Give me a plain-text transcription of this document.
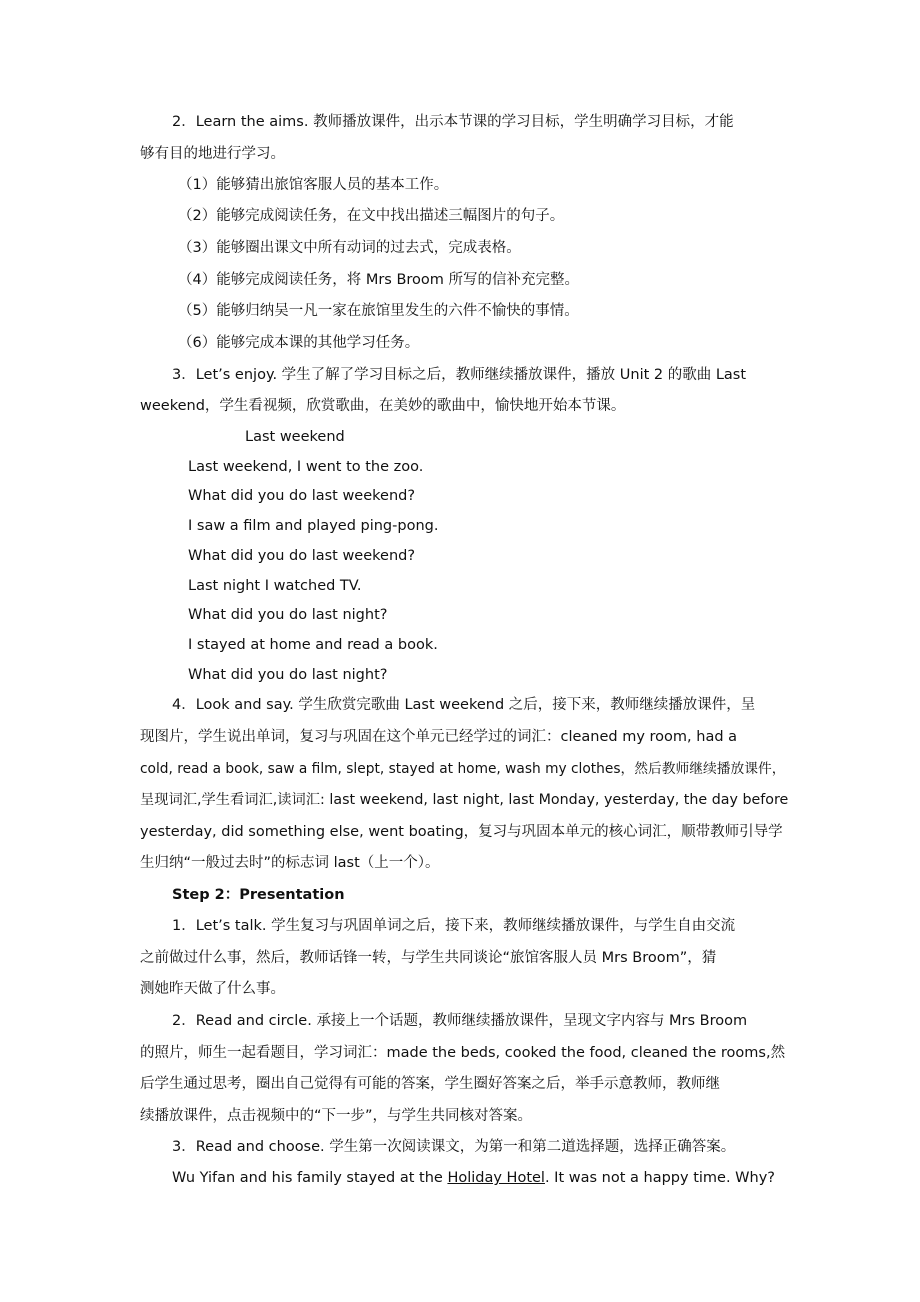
2．Learn the aims. 教师播放课件，出示本节课的学习目标，学生明确学习目标，才能
够有目的地进行学习。
（1）能够猜出旅馆客服人员的基本工作。
（2）能够完成阅读任务，在文中找出描述三幅图片的句子。
（3）能够圈出课文中所有动词的过去式，完成表格。
（4）能够完成阅读任务，将 Mrs Broom 所写的信补充完整。
（5）能够归纳吴一凡一家在旅馆里发生的六件不愉快的事情。
（6）能够完成本课的其他学习任务。
3．Let’s enjoy. 学生了解了学习目标之后，教师继续播放课件，播放 Unit 2 的歌曲 Last
weekend，学生看视频，欣赏歌曲，在美妙的歌曲中，愉快地开始本节课。
Last weekend
Last weekend, I went to the zoo.
What did you do last weekend?
I saw a film and played ping-pong.
What did you do last weekend?
Last night I watched TV.
What did you do last night?
I stayed at home and read a book.
What did you do last night?
4．Look and say. 学生欣赏完歌曲 Last weekend 之后，接下来，教师继续播放课件，呈
现图片，学生说出单词，复习与巩固在这个单元已经学过的词汇：cleaned my room, had a
cold, read a book, saw a film, slept, stayed at home, wash my clothes，然后教师继续播放课件，
呈现词汇,学生看词汇,读词汇: last weekend, last night, last Monday, yesterday, the day before
yesterday, did something else, went boating，复习与巩固本单元的核心词汇，顺带教师引导学
生归纳“一般过去时”的标志词 last（上一个）。
Step 2：Presentation
1．Let’s talk. 学生复习与巩固单词之后，接下来，教师继续播放课件，与学生自由交流
之前做过什么事，然后，教师话锋一转，与学生共同谈论“旅馆客服人员 Mrs Broom”，猜
测她昨天做了什么事。
2．Read and circle. 承接上一个话题，教师继续播放课件，呈现文字内容与 Mrs Broom
的照片，师生一起看题目，学习词汇：made the beds, cooked the food, cleaned the rooms,然
后学生通过思考，圈出自己觉得有可能的答案，学生圈好答案之后，举手示意教师，教师继
续播放课件，点击视频中的“下一步”，与学生共同核对答案。
3．Read and choose. 学生第一次阅读课文，为第一和第二道选择题，选择正确答案。
Wu Yifan and his family stayed at the Holiday Hotel. It was not a happy time. Why?
